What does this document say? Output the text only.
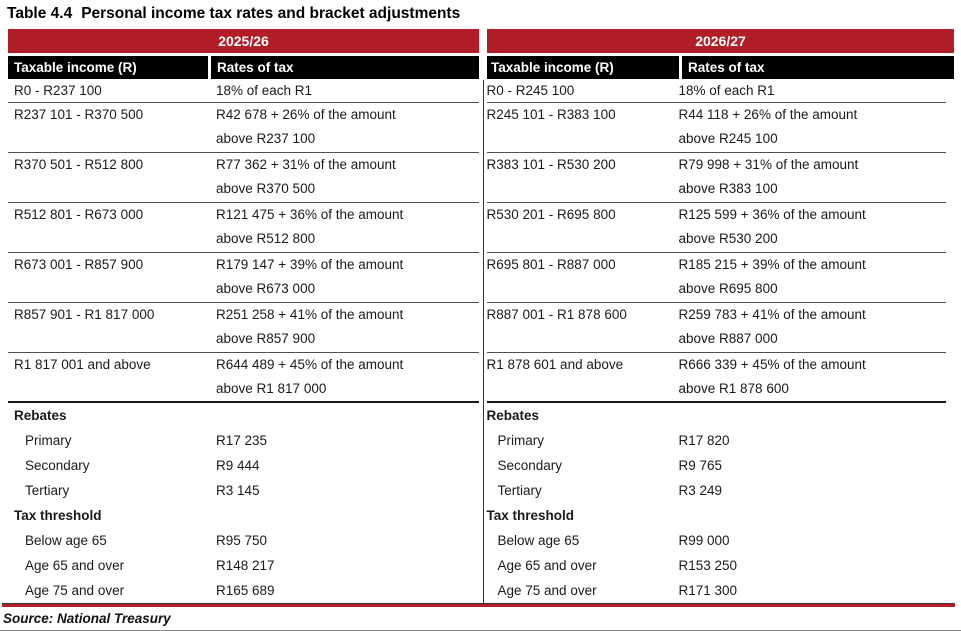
Table 4.4 Personal income tax rates and bracket adjustments
2025/26	2026/27
Taxable income (R)	Rates of tax	Taxable income (R)	Rates of tax
R0 - R237 100	18% of each R1
R237 101 - R370 500	R42 678 + 26% of the amount
above R237 100
R370 501 - R512 800	R77 362 + 31% of the amount
above R370 500
R512 801 - R673 000	R121 475 + 36% of the amount
above R512 800
R673 001 - R857 900	R179 147 + 39% of the amount
above R673 000
R857 901 - R1 817 000	R251 258 + 41% of the amount
above R857 900
R1 817 001 and above	R644 489 + 45% of the amount
above R1 817 000
Rebates
Primary	R17 235
Secondary	R9 444
Tertiary	R3 145
Tax threshold
Below age 65	R95 750
Age 65 and over	R148 217
Age 75 and over	R165 689
R0 - R245 100	18% of each R1
R245 101 - R383 100	R44 118 + 26% of the amount
above R245 100
R383 101 - R530 200	R79 998 + 31% of the amount
above R383 100
R530 201 - R695 800	R125 599 + 36% of the amount
above R530 200
R695 801 - R887 000	R185 215 + 39% of the amount
above R695 800
R887 001 - R1 878 600	R259 783 + 41% of the amount
above R887 000
R1 878 601 and above	R666 339 + 45% of the amount
above R1 878 600
Rebates
Primary	R17 820
Secondary	R9 765
Tertiary	R3 249
Tax threshold
Below age 65	R99 000
Age 65 and over	R153 250
Age 75 and over	R171 300
Source: National Treasury
